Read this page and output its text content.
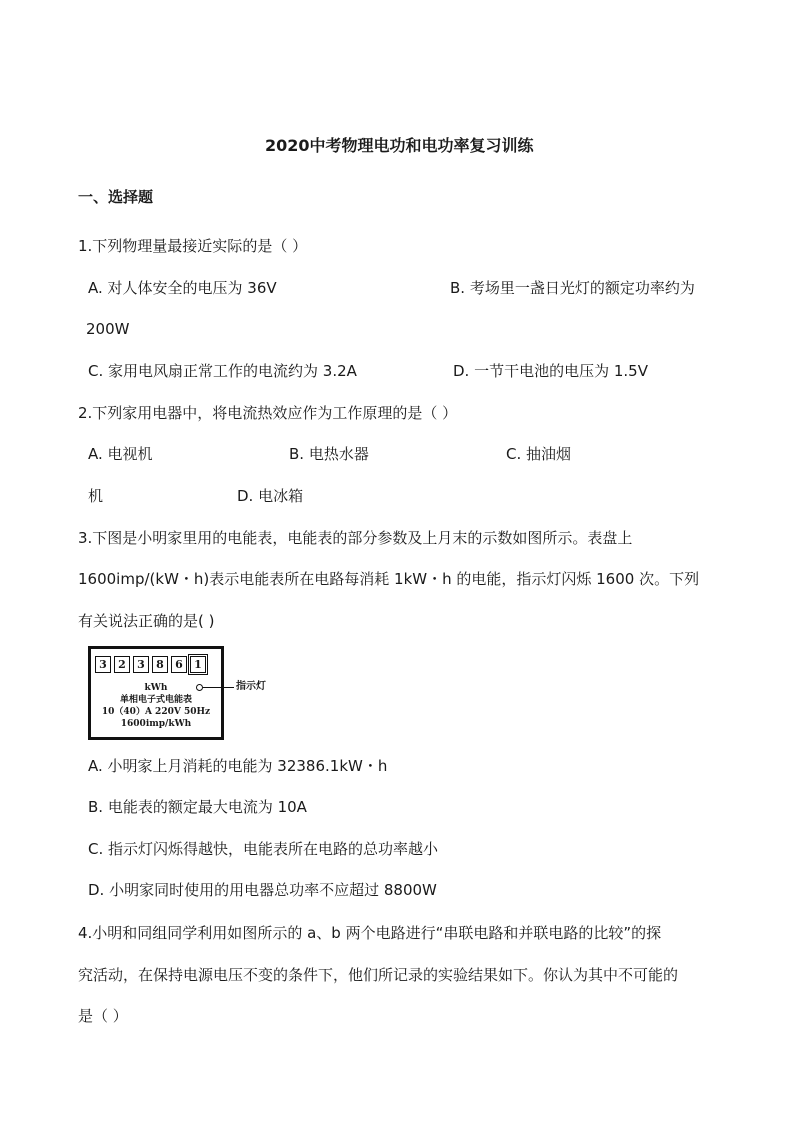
2020中考物理电功和电功率复习训练
一、选择题
1.下列物理量最接近实际的是（ ）
A. 对人体安全的电压为 36V	B. 考场里一盏日光灯的额定功率约为
200W
C. 家用电风扇正常工作的电流约为 3.2A	D. 一节干电池的电压为 1.5V
2.下列家用电器中，将电流热效应作为工作原理的是（ ）
A. 电视机	B. 电热水器	C. 抽油烟
机	D. 电冰箱
3.下图是小明家里用的电能表，电能表的部分参数及上月末的示数如图所示。表盘上
1600imp/(kW・h)表示电能表所在电路每消耗 1kW・h 的电能，指示灯闪烁 1600 次。下列
有关说法正确的是( )
3	2	3	8	6	1
kWh
单相电子式电能表
10（40）A 220V 50Hz
1600imp/kWh
指示灯
A. 小明家上月消耗的电能为 32386.1kW・h
B. 电能表的额定最大电流为 10A
C. 指示灯闪烁得越快，电能表所在电路的总功率越小
D. 小明家同时使用的用电器总功率不应超过 8800W
4.小明和同组同学利用如图所示的 a、b 两个电路进行“串联电路和并联电路的比较”的探
究活动，在保持电源电压不变的条件下，他们所记录的实验结果如下。你认为其中不可能的
是（ ）
